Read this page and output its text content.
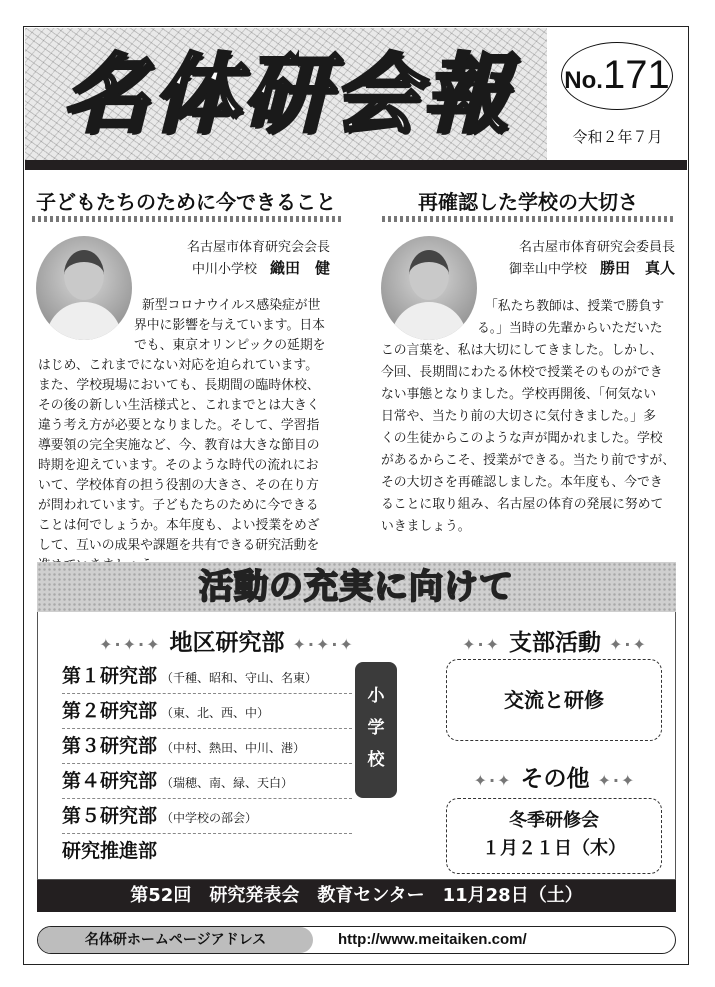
名体研会報	No.171
令和２年７月
子どもたちのために今できること
名古屋市体育研究会会長
中川小学校　 織田　健
新型コロナウイルス感染症が世
界中に影響を与えています。日本
でも、東京オリンピックの延期を
はじめ、これまでにない対応を迫られています。
また、学校現場においても、長期間の臨時休校、
その後の新しい生活様式と、これまでとは大きく
違う考え方が必要となりました。そして、学習指
導要領の完全実施など、今、教育は大きな節目の
時期を迎えています。そのような時代の流れにお
いて、学校体育の担う役割の大きさ、その在り方
が問われています。子どもたちのために今できる
ことは何でしょうか。本年度も、よい授業をめざ
して、互いの成果や課題を共有できる研究活動を
再確認した学校の大切さ
名古屋市体育研究会委員長
御幸山中学校　 勝田　真人
「私たち教師は、授業で勝負す
る。」当時の先輩からいただいた
この言葉を、私は大切にしてきました。しかし、
今回、長期間にわたる休校で授業そのものができ
ない事態となりました。学校再開後、「何気ない
日常や、当たり前の大切さに気付きました。」多
くの生徒からこのような声が聞かれました。学校
があるからこそ、授業ができる。当たり前ですが、
その大切さを再確認しました。本年度も、今でき
ることに取り組み、名古屋の体育の発展に努めて
いきましょう。
活動の充実に向けて
✦·✦·✦ 地区研究部 ✦·✦·✦
第１研究部 （千種、昭和、守山、名東）
第２研究部 （東、北、西、中）
第３研究部 （中村、熱田、中川、港）
第４研究部 （瑞穂、南、緑、天白）
第５研究部 （中学校の部会）
研究推進部
小
学
校
✦·✦ 支部活動 ✦·✦
交流と研修
✦·✦ その他 ✦·✦
冬季研修会
１月２１日（木）
第52回　研究発表会　教育センター　11月28日（土）
名体研ホームページアドレス	http://www.meitaiken.com/
